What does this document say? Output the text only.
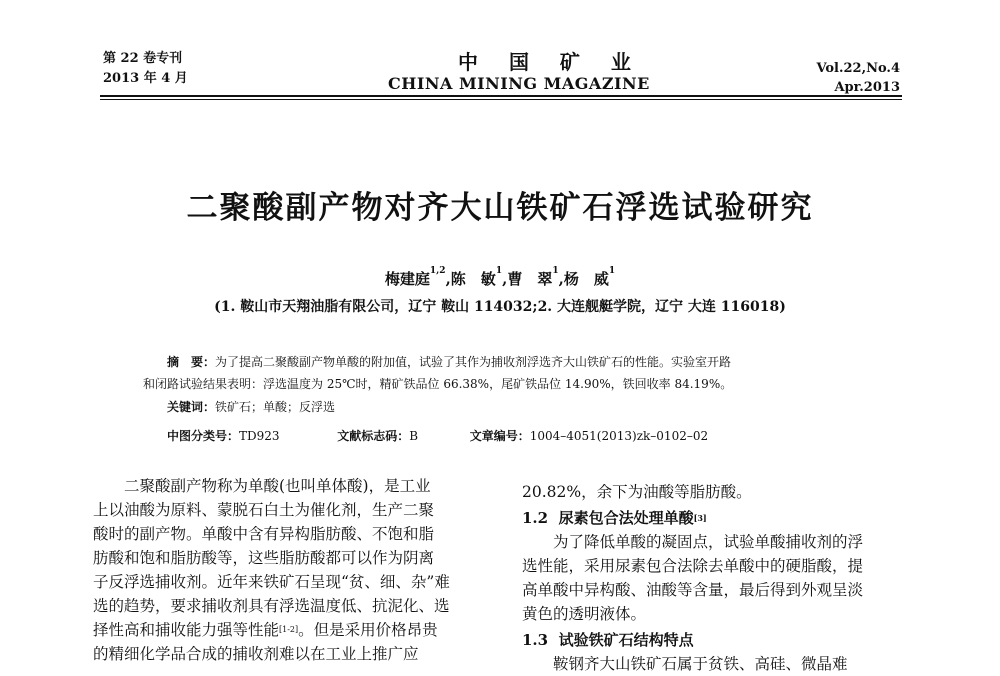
第 22 卷专刊
2013 年 4 月
中 国 矿 业
CHINA MINING MAGAZINE
Vol.22,No.4
Apr.2013
二聚酸副产物对齐大山铁矿石浮选试验研究
梅建庭$^{1,2}$,陈　敏$^1$,曹　翠$^1$,杨　威$^1$
(1. 鞍山市天翔油脂有限公司，辽宁 鞍山 114032;2. 大连舰艇学院，辽宁 大连 116018)
摘　要：为了提高二聚酸副产物单酸的附加值，试验了其作为捕收剂浮选齐大山铁矿石的性能。实验室开路
和闭路试验结果表明：浮选温度为 25℃时，精矿铁品位 66.38%，尾矿铁品位 14.90%，铁回收率 84.19%。
关键词：铁矿石；单酸；反浮选
中图分类号：TD923	文献标志码：B	文章编号：1004–4051(2013)zk–0102–02
二聚酸副产物称为单酸(也叫单体酸)，是工业
上以油酸为原料、蒙脱石白土为催化剂，生产二聚
酸时的副产物。单酸中含有异构脂肪酸、不饱和脂
肪酸和饱和脂肪酸等，这些脂肪酸都可以作为阴离
子反浮选捕收剂。近年来铁矿石呈现“贫、细、杂”难
选的趋势，要求捕收剂具有浮选温度低、抗泥化、选
择性高和捕收能力强等性能[1-2]。但是采用价格昂贵
的精细化学品合成的捕收剂难以在工业上推广应
20.82%，余下为油酸等脂肪酸。
1.2 尿素包合法处理单酸[3]
为了降低单酸的凝固点，试验单酸捕收剂的浮
选性能，采用尿素包合法除去单酸中的硬脂酸，提
高单酸中异构酸、油酸等含量，最后得到外观呈淡
黄色的透明液体。
1.3 试验铁矿石结构特点
鞍钢齐大山铁矿石属于贫铁、高硅、微晶难
